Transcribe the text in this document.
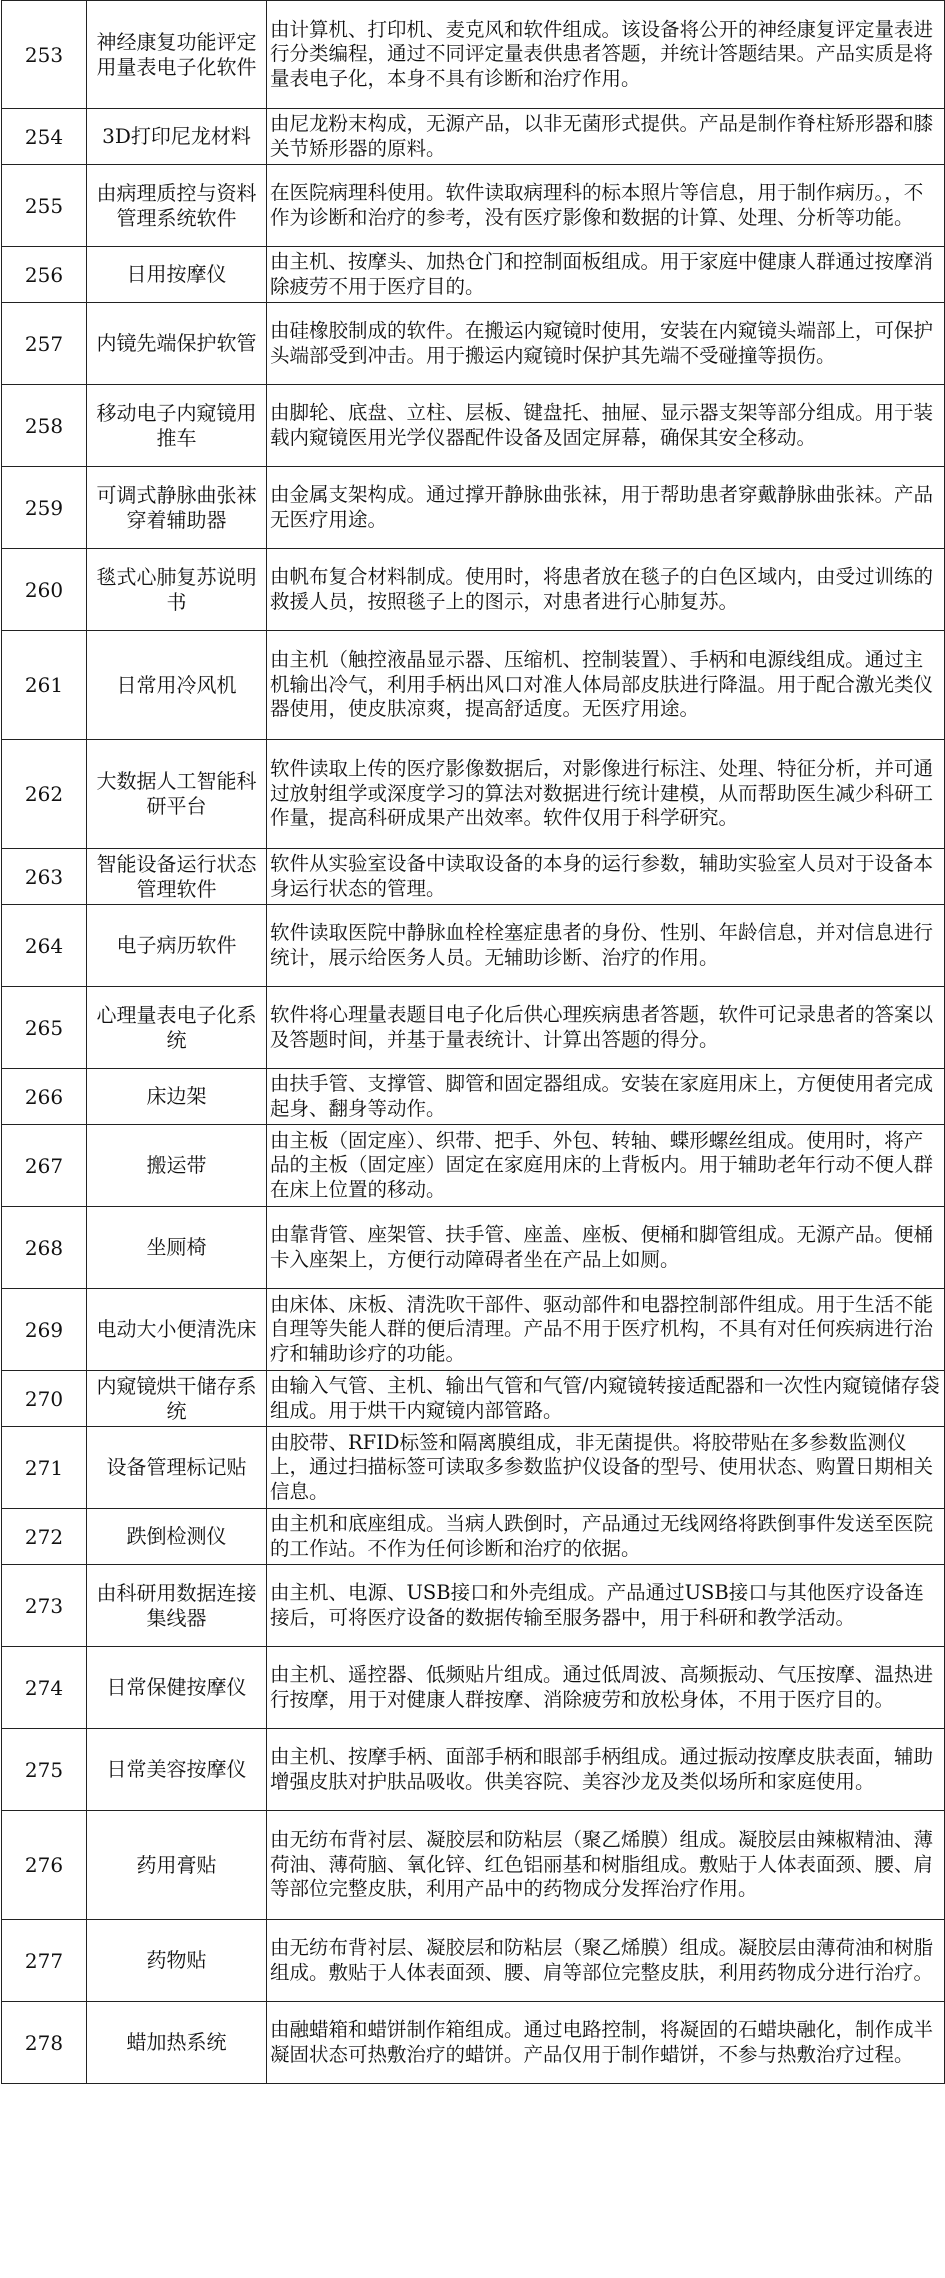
253	神经康复功能评定用量表电子化软件	由计算机、打印机、麦克风和软件组成。该设备将公开的神经康复评定量表进行分类编程，通过不同评定量表供患者答题，并统计答题结果。产品实质是将量表电子化，本身不具有诊断和治疗作用。
254	3D打印尼龙材料	由尼龙粉末构成，无源产品，以非无菌形式提供。产品是制作脊柱矫形器和膝关节矫形器的原料。
255	由病理质控与资料管理系统软件	在医院病理科使用。软件读取病理科的标本照片等信息，用于制作病历。，不作为诊断和治疗的参考，没有医疗影像和数据的计算、处理、分析等功能。
256	日用按摩仪	由主机、按摩头、加热仓门和控制面板组成。用于家庭中健康人群通过按摩消除疲劳不用于医疗目的。
257	内镜先端保护软管	由硅橡胶制成的软件。在搬运内窥镜时使用，安装在内窥镜头端部上，可保护头端部受到冲击。用于搬运内窥镜时保护其先端不受碰撞等损伤。
258	移动电子内窥镜用推车	由脚轮、底盘、立柱、层板、键盘托、抽屉、显示器支架等部分组成。用于装载内窥镜医用光学仪器配件设备及固定屏幕，确保其安全移动。
259	可调式静脉曲张袜穿着辅助器	由金属支架构成。通过撑开静脉曲张袜，用于帮助患者穿戴静脉曲张袜。产品无医疗用途。
260	毯式心肺复苏说明书	由帆布复合材料制成。使用时，将患者放在毯子的白色区域内，由受过训练的救援人员，按照毯子上的图示，对患者进行心肺复苏。
261	日常用冷风机	由主机（触控液晶显示器、压缩机、控制装置）、手柄和电源线组成。通过主机输出冷气，利用手柄出风口对准人体局部皮肤进行降温。用于配合激光类仪器使用，使皮肤凉爽，提高舒适度。无医疗用途。
262	大数据人工智能科研平台	软件读取上传的医疗影像数据后，对影像进行标注、处理、特征分析，并可通过放射组学或深度学习的算法对数据进行统计建模，从而帮助医生减少科研工作量，提高科研成果产出效率。软件仅用于科学研究。
263	智能设备运行状态管理软件	软件从实验室设备中读取设备的本身的运行参数，辅助实验室人员对于设备本身运行状态的管理。
264	电子病历软件	软件读取医院中静脉血栓栓塞症患者的身份、性别、年龄信息，并对信息进行统计，展示给医务人员。无辅助诊断、治疗的作用。
265	心理量表电子化系统	软件将心理量表题目电子化后供心理疾病患者答题，软件可记录患者的答案以及答题时间，并基于量表统计、计算出答题的得分。
266	床边架	由扶手管、支撑管、脚管和固定器组成。安装在家庭用床上，方便使用者完成起身、翻身等动作。
267	搬运带	由主板（固定座）、织带、把手、外包、转轴、蝶形螺丝组成。使用时，将产品的主板（固定座）固定在家庭用床的上背板内。用于辅助老年行动不便人群在床上位置的移动。
268	坐厕椅	由靠背管、座架管、扶手管、座盖、座板、便桶和脚管组成。无源产品。便桶卡入座架上，方便行动障碍者坐在产品上如厕。
269	电动大小便清洗床	由床体、床板、清洗吹干部件、驱动部件和电器控制部件组成。用于生活不能自理等失能人群的便后清理。产品不用于医疗机构，不具有对任何疾病进行治疗和辅助诊疗的功能。
270	内窥镜烘干储存系统	由输入气管、主机、输出气管和气管/内窥镜转接适配器和一次性内窥镜储存袋组成。用于烘干内窥镜内部管路。
271	设备管理标记贴	由胶带、RFID标签和隔离膜组成，非无菌提供。将胶带贴在多参数监测仪上，通过扫描标签可读取多参数监护仪设备的型号、使用状态、购置日期相关信息。
272	跌倒检测仪	由主机和底座组成。当病人跌倒时，产品通过无线网络将跌倒事件发送至医院的工作站。不作为任何诊断和治疗的依据。
273	由科研用数据连接集线器	由主机、电源、USB接口和外壳组成。产品通过USB接口与其他医疗设备连接后，可将医疗设备的数据传输至服务器中，用于科研和教学活动。
274	日常保健按摩仪	由主机、遥控器、低频贴片组成。通过低周波、高频振动、气压按摩、温热进行按摩，用于对健康人群按摩、消除疲劳和放松身体，不用于医疗目的。
275	日常美容按摩仪	由主机、按摩手柄、面部手柄和眼部手柄组成。通过振动按摩皮肤表面，辅助增强皮肤对护肤品吸收。供美容院、美容沙龙及类似场所和家庭使用。
276	药用膏贴	由无纺布背衬层、凝胶层和防粘层（聚乙烯膜）组成。凝胶层由辣椒精油、薄荷油、薄荷脑、氧化锌、红色铝丽基和树脂组成。敷贴于人体表面颈、腰、肩等部位完整皮肤，利用产品中的药物成分发挥治疗作用。
277	药物贴	由无纺布背衬层、凝胶层和防粘层（聚乙烯膜）组成。凝胶层由薄荷油和树脂组成。敷贴于人体表面颈、腰、肩等部位完整皮肤，利用药物成分进行治疗。
278	蜡加热系统	由融蜡箱和蜡饼制作箱组成。通过电路控制，将凝固的石蜡块融化，制作成半凝固状态可热敷治疗的蜡饼。产品仅用于制作蜡饼，不参与热敷治疗过程。
